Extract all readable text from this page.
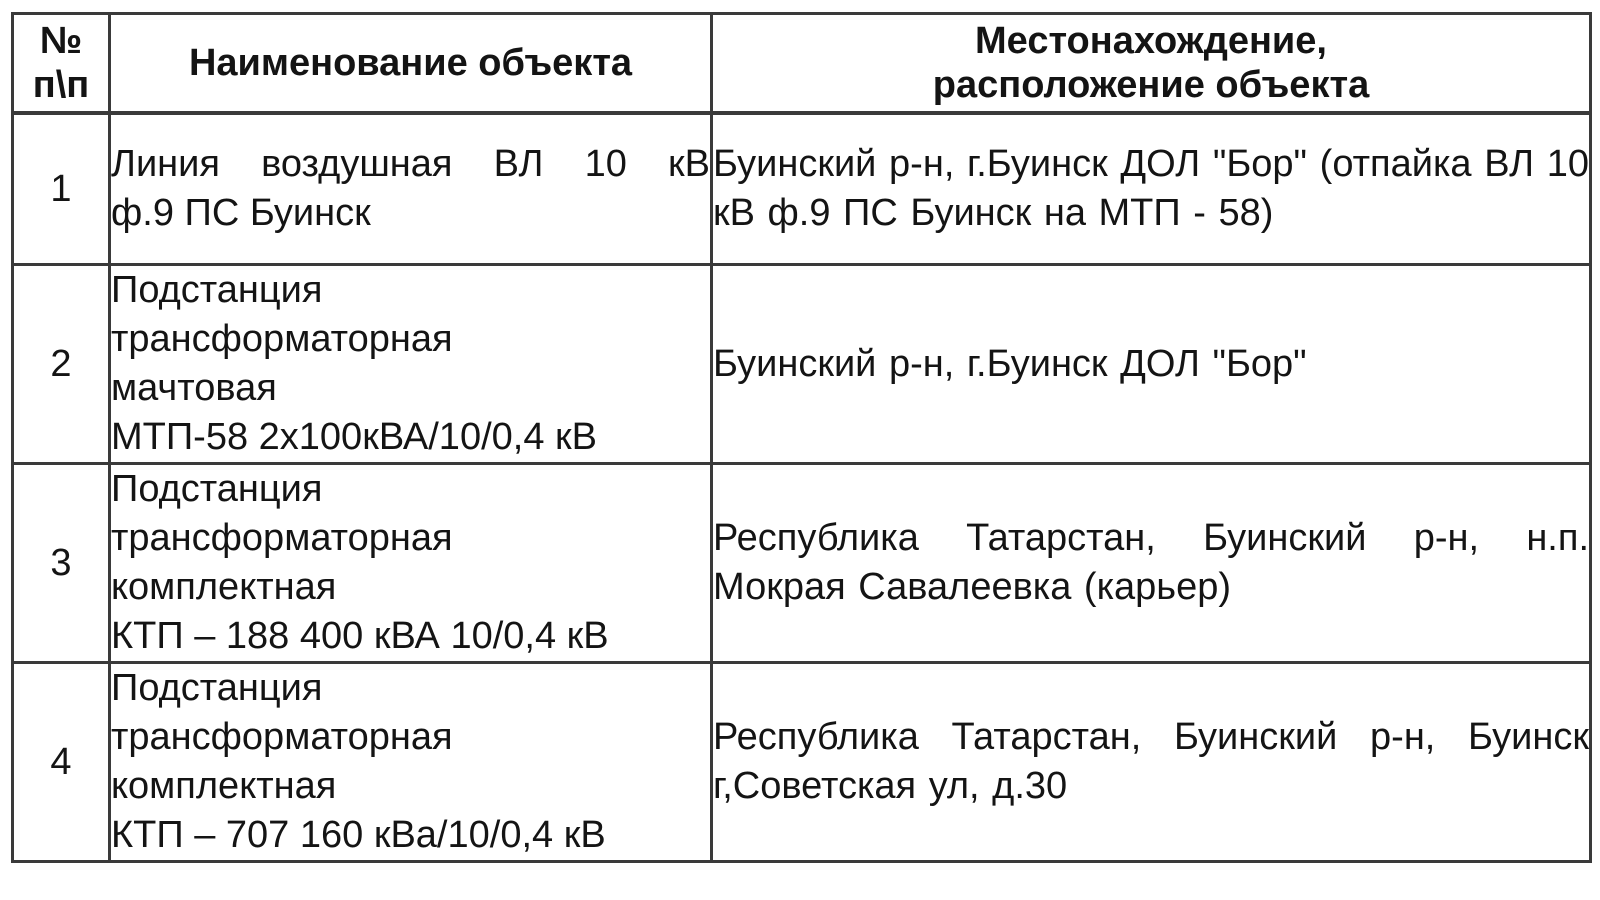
№
п\п	Наименование объекта	Местонахождение,
расположение объекта

1	Линия воздушная ВЛ 10 кВ
ф.9 ПС Буинск	Буинский р-н, г.Буинск ДОЛ "Бор" (отпайка ВЛ 10 кВ ф.9 ПС Буинск на МТП - 58)
2	Подстанция
трансформаторная
мачтовая
МТП-58 2х100кВА/10/0,4 кВ	Буинский р-н, г.Буинск ДОЛ "Бор"
3	Подстанция
трансформаторная
комплектная
КТП – 188 400 кВА 10/0,4 кВ	Республика Татарстан, Буинский р-н, н.п. Мокрая Савалеевка (карьер)
4	Подстанция
трансформаторная
комплектная
КТП – 707 160 кВа/10/0,4 кВ	Республика Татарстан, Буинский р-н, Буинск г,Советская ул, д.30
